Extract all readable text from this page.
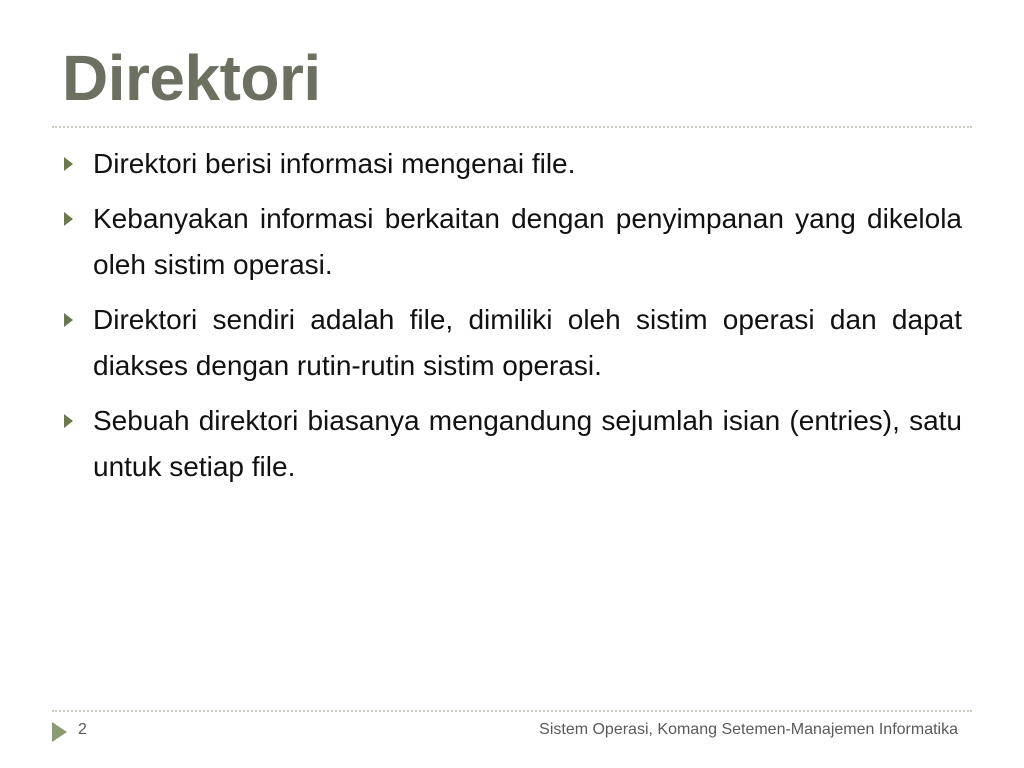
Direktori
Direktori berisi informasi mengenai file.
Kebanyakan informasi berkaitan dengan penyimpanan yang dikelola oleh sistim operasi.
Direktori sendiri adalah file, dimiliki oleh sistim operasi dan dapat diakses dengan rutin-rutin sistim operasi.
Sebuah direktori biasanya mengandung sejumlah isian (entries), satu untuk setiap file.
2	Sistem Operasi, Komang Setemen-Manajemen Informatika
